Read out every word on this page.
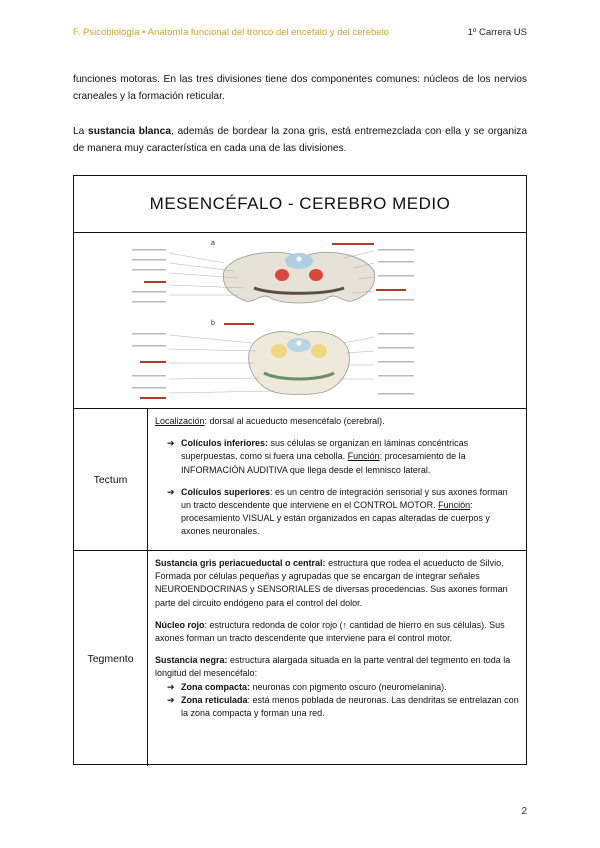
F. Psicobiología • Anatomía funcional del tronco del encéfalo y del cerebelo	1º Carrera US
funciones motoras. En las tres divisiones tiene dos componentes comunes: núcleos de los nervios craneales y la formación reticular.
La sustancia blanca, además de bordear la zona gris, está entremezclada con ella y se organiza de manera muy característica en cada una de las divisiones.
MESENCÉFALO - CEREBRO MEDIO
a
b
Tectum
Localización: dorsal al acueducto mesencéfalo (cerebral).
➔ Colículos inferiores: sus células se organizan en láminas concéntricas superpuestas, como si fuera una cebolla. Función: procesamiento de la INFORMACIÓN AUDITIVA que llega desde el lemnisco lateral.
➔ Colículos superiores: es un centro de integración sensorial y sus axones forman un tracto descendente que interviene en el CONTROL MOTOR. Función: procesamiento VISUAL y están organizados en capas alteradas de cuerpos y axones neuronales.
Tegmento
Sustancia gris periacueductal o central: estructura que rodea el acueducto de Silvio. Formada por células pequeñas y agrupadas que se encargan de integrar señales NEUROENDOCRINAS y SENSORIALES de diversas procedencias. Sus axones forman parte del circuito endógeno para el control del dolor.
Núcleo rojo: estructura redonda de color rojo (↑ cantidad de hierro en sus células). Sus axones forman un tracto descendente que interviene para el control motor.
Sustancia negra: estructura alargada situada en la parte ventral del tegmento en toda la longitud del mesencéfalo:
➔ Zona compacta: neuronas con pigmento oscuro (neuromelanina).
➔ Zona reticulada: está menos poblada de neuronas. Las dendritas se entrelazan con la zona compacta y forman una red.
2
